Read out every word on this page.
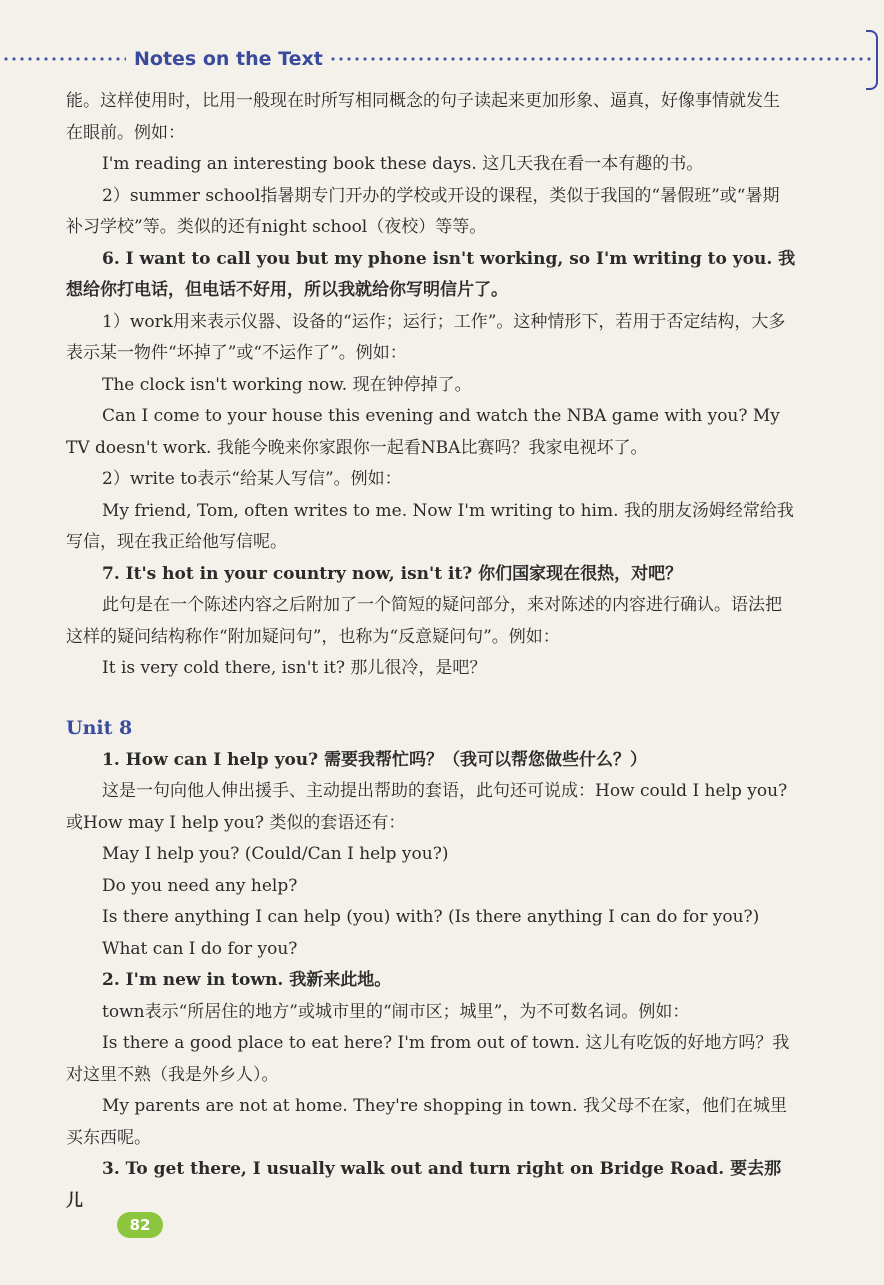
Notes on the Text

能。这样使用时，比用一般现在时所写相同概念的句子读起来更加形象、逼真，好像事情就发生在眼前。例如：

I'm reading an interesting book these days. 这几天我在看一本有趣的书。

2）summer school指暑期专门开办的学校或开设的课程，类似于我国的“暑假班”或“暑期补习学校”等。类似的还有night school（夜校）等等。

6. I want to call you but my phone isn't working, so I'm writing to you. 我想给你打电话，但电话不好用，所以我就给你写明信片了。

1）work用来表示仪器、设备的“运作；运行；工作”。这种情形下，若用于否定结构，大多表示某一物件“坏掉了”或“不运作了”。例如：

The clock isn't working now. 现在钟停掉了。

Can I come to your house this evening and watch the NBA game with you? My TV doesn't work. 我能今晚来你家跟你一起看NBA比赛吗？我家电视坏了。

2）write to表示“给某人写信”。例如：

My friend, Tom, often writes to me. Now I'm writing to him. 我的朋友汤姆经常给我写信，现在我正给他写信呢。

7. It's hot in your country now, isn't it? 你们国家现在很热，对吧？

此句是在一个陈述内容之后附加了一个简短的疑问部分，来对陈述的内容进行确认。语法把这样的疑问结构称作“附加疑问句”，也称为“反意疑问句”。例如：

It is very cold there, isn't it? 那儿很冷，是吧？

Unit 8

1. How can I help you? 需要我帮忙吗？（我可以帮您做些什么？）

这是一句向他人伸出援手、主动提出帮助的套语，此句还可说成：How could I help you? 或How may I help you? 类似的套语还有：

May I help you? (Could/Can I help you?)

Do you need any help?

Is there anything I can help (you) with? (Is there anything I can do for you?)

What can I do for you?

2. I'm new in town. 我新来此地。

town表示“所居住的地方”或城市里的“闹市区；城里”，为不可数名词。例如：

Is there a good place to eat here? I'm from out of town. 这儿有吃饭的好地方吗？我对这里不熟（我是外乡人）。

My parents are not at home. They're shopping in town. 我父母不在家，他们在城里买东西呢。

3. To get there, I usually walk out and turn right on Bridge Road. 要去那儿

82
